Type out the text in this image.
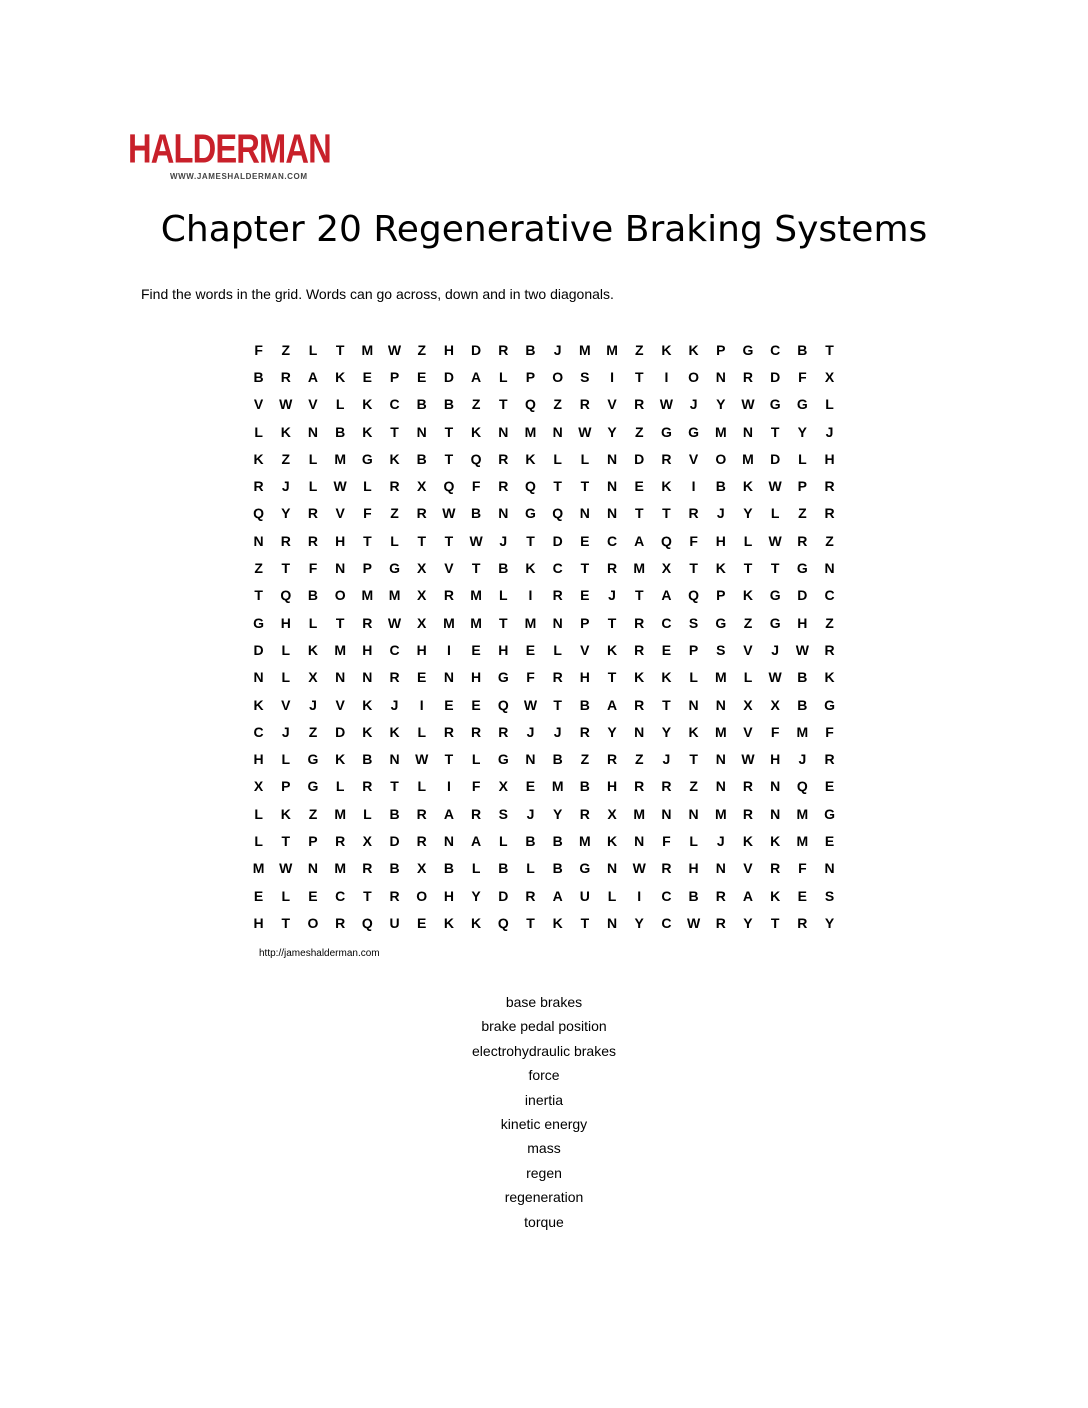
HALDERMAN
WWW.JAMESHALDERMAN.COM
Chapter 20 Regenerative Braking Systems
Find the words in the grid. Words can go across, down and in two diagonals.
F	Z	L	T	M	W	Z	H	D	R	B	J	M	M	Z	K	K	P	G	C	B	T
B	R	A	K	E	P	E	D	A	L	P	O	S	I	T	I	O	N	R	D	F	X
V	W	V	L	K	C	B	B	Z	T	Q	Z	R	V	R	W	J	Y	W	G	G	L
L	K	N	B	K	T	N	T	K	N	M	N	W	Y	Z	G	G	M	N	T	Y	J
K	Z	L	M	G	K	B	T	Q	R	K	L	L	N	D	R	V	O	M	D	L	H
R	J	L	W	L	R	X	Q	F	R	Q	T	T	N	E	K	I	B	K	W	P	R
Q	Y	R	V	F	Z	R	W	B	N	G	Q	N	N	T	T	R	J	Y	L	Z	R
N	R	R	H	T	L	T	T	W	J	T	D	E	C	A	Q	F	H	L	W	R	Z
Z	T	F	N	P	G	X	V	T	B	K	C	T	R	M	X	T	K	T	T	G	N
T	Q	B	O	M	M	X	R	M	L	I	R	E	J	T	A	Q	P	K	G	D	C
G	H	L	T	R	W	X	M	M	T	M	N	P	T	R	C	S	G	Z	G	H	Z
D	L	K	M	H	C	H	I	E	H	E	L	V	K	R	E	P	S	V	J	W	R
N	L	X	N	N	R	E	N	H	G	F	R	H	T	K	K	L	M	L	W	B	K
K	V	J	V	K	J	I	E	E	Q	W	T	B	A	R	T	N	N	X	X	B	G
C	J	Z	D	K	K	L	R	R	R	J	J	R	Y	N	Y	K	M	V	F	M	F
H	L	G	K	B	N	W	T	L	G	N	B	Z	R	Z	J	T	N	W	H	J	R
X	P	G	L	R	T	L	I	F	X	E	M	B	H	R	R	Z	N	R	N	Q	E
L	K	Z	M	L	B	R	A	R	S	J	Y	R	X	M	N	N	M	R	N	M	G
L	T	P	R	X	D	R	N	A	L	B	B	M	K	N	F	L	J	K	K	M	E
M	W	N	M	R	B	X	B	L	B	L	B	G	N	W	R	H	N	V	R	F	N
E	L	E	C	T	R	O	H	Y	D	R	A	U	L	I	C	B	R	A	K	E	S
H	T	O	R	Q	U	E	K	K	Q	T	K	T	N	Y	C	W	R	Y	T	R	Y
http://jameshalderman.com
base brakes
brake pedal position
electrohydraulic brakes
force
inertia
kinetic energy
mass
regen
regeneration
torque
